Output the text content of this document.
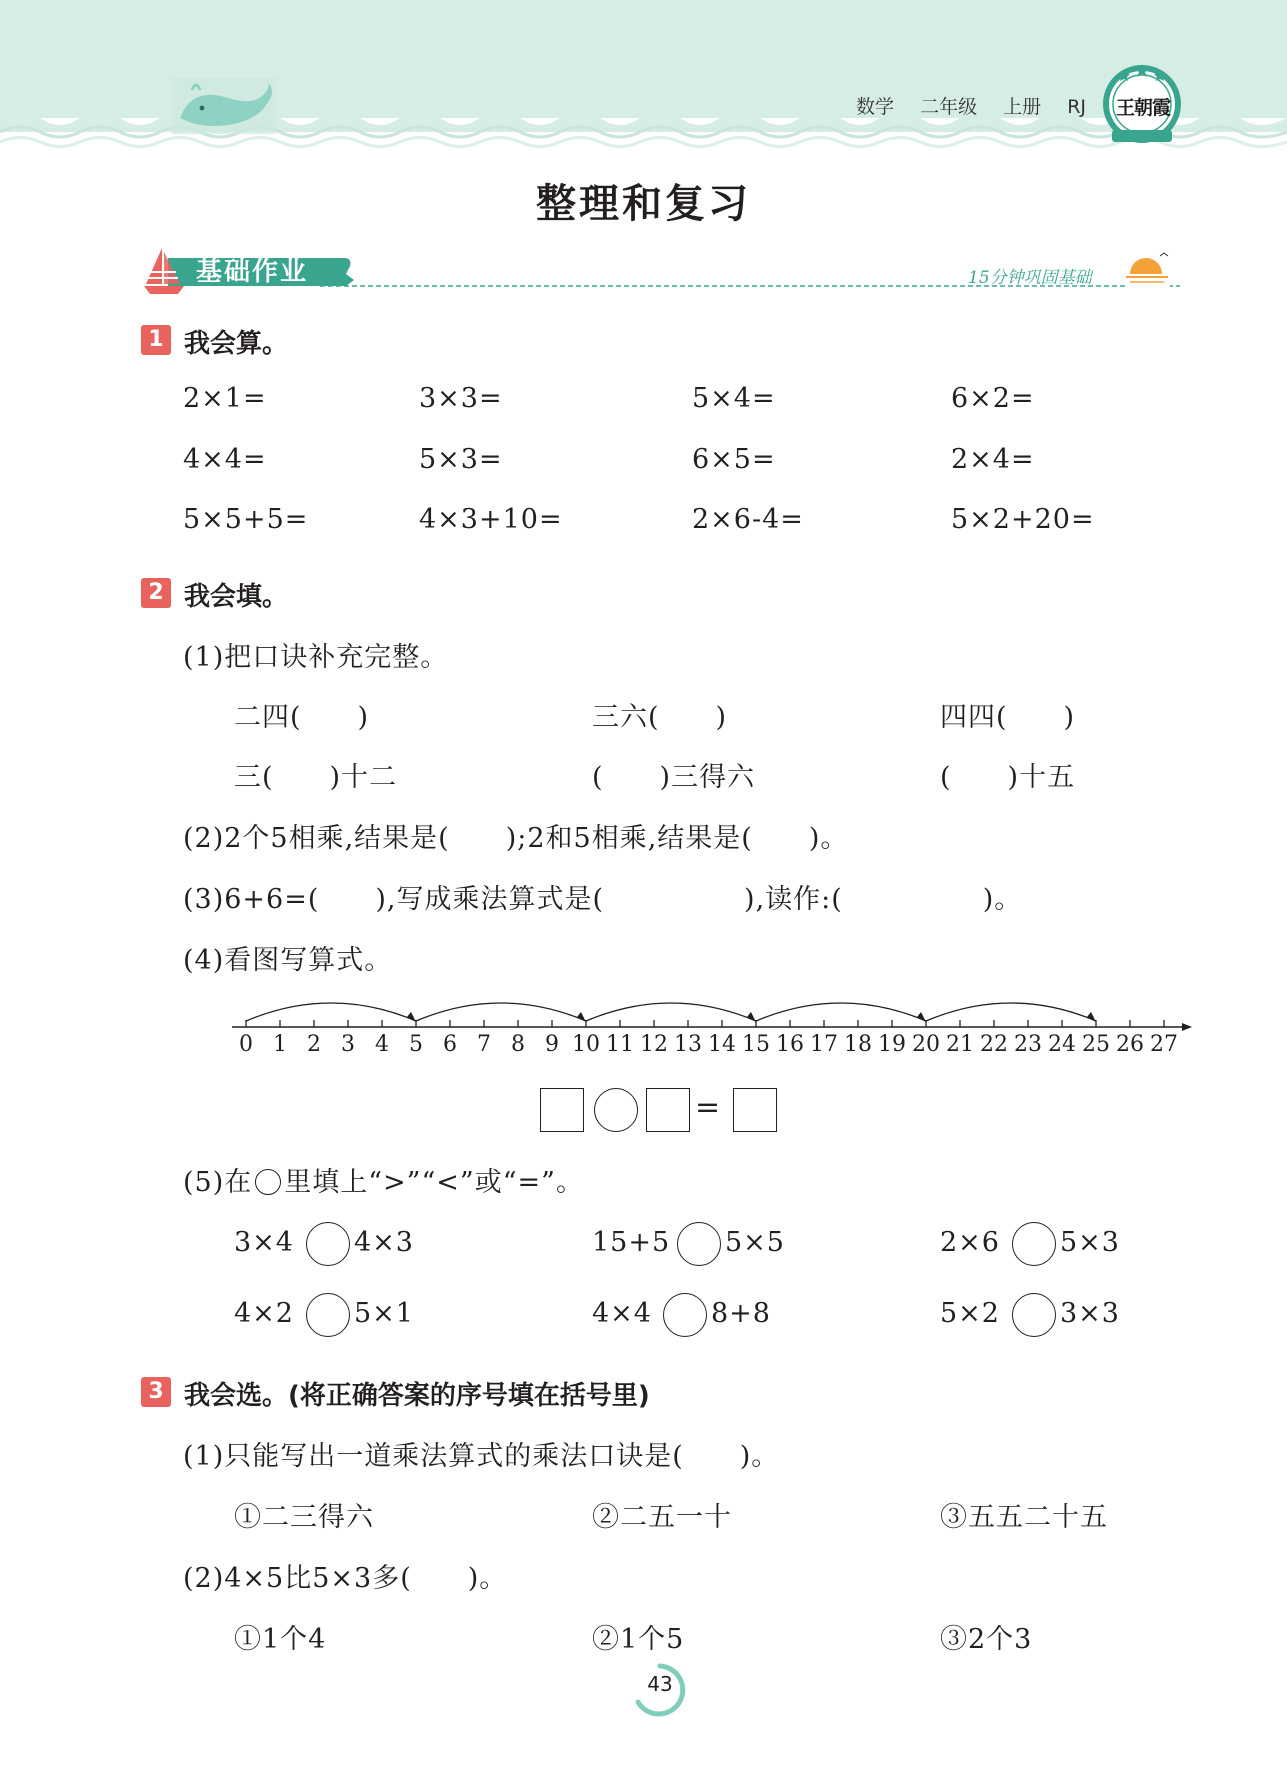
数学 二年级 上册 RJ	王朝霞
整理和复习
基础作业	15分钟巩固基础
1 我会算。
2×1=	3×3=	5×4=	6×2=
4×4=	5×3=	6×5=	2×4=
5×5+5=	4×3+10=	2×6-4=	5×2+20=
2 我会填。
(1)把口诀补充完整。
二四(　　)	三六(　　)	四四(　　)
三(　　)十二	(　　)三得六	(　　)十五
(2)2个5相乘,结果是(　　);2和5相乘,结果是(　　)。
(3)6+6=(　　),写成乘法算式是(　　　　　),读作:(　　　　　)。
(4)看图写算式。
0 1 2 3 4 5 6 7 8 9 10 11 12 13 14 15 16 17 18 19 20 21 22 23 24 25 26 27
=
(5)在 里填上“>”“<”或“=”。
3×4 4×3	15+5 5×5	2×6 5×3
4×2 5×1	4×4 8+8	5×2 3×3
3 我会选。(将正确答案的序号填在括号里)
(1)只能写出一道乘法算式的乘法口诀是(　　)。
①二三得六	②二五一十	③五五二十五
(2)4×5比5×3多(　　)。
①1个4	②1个5	③2个3
43
